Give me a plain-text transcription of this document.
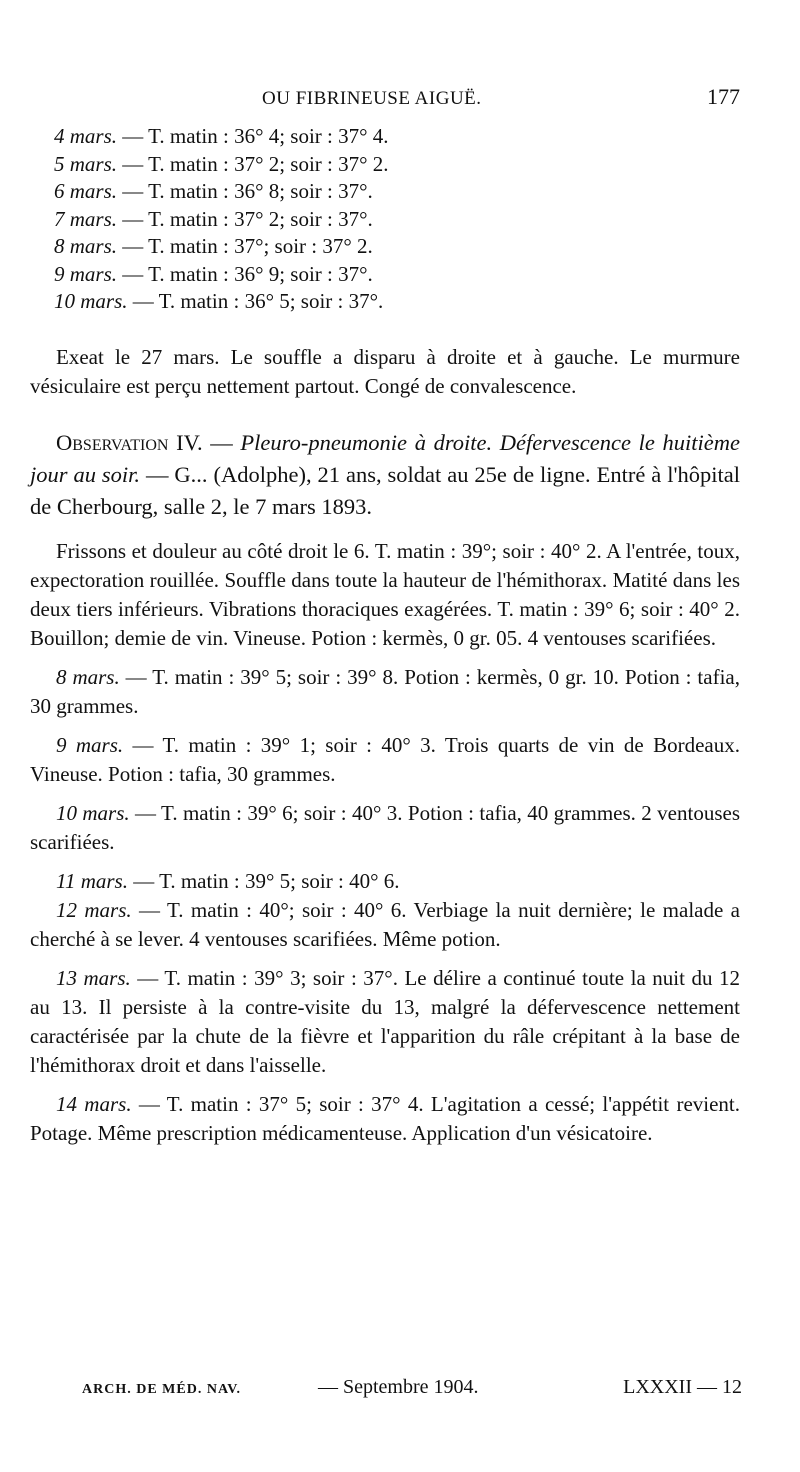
OU FIBRINEUSE AIGUË.	177
4 mars. — T. matin : 36° 4; soir : 37° 4.
5 mars. — T. matin : 37° 2; soir : 37° 2.
6 mars. — T. matin : 36° 8; soir : 37°.
7 mars. — T. matin : 37° 2; soir : 37°.
8 mars. — T. matin : 37°; soir : 37° 2.
9 mars. — T. matin : 36° 9; soir : 37°.
10 mars. — T. matin : 36° 5; soir : 37°.

Exeat le 27 mars. Le souffle a disparu à droite et à gauche. Le murmure vésiculaire est perçu nettement partout. Congé de convalescence.

Observation IV. — Pleuro-pneumonie à droite. Défervescence le huitième jour au soir. — G... (Adolphe), 21 ans, soldat au 25e de ligne. Entré à l'hôpital de Cherbourg, salle 2, le 7 mars 1893.

Frissons et douleur au côté droit le 6. T. matin : 39°; soir : 40° 2. A l'entrée, toux, expectoration rouillée. Souffle dans toute la hauteur de l'hémithorax. Matité dans les deux tiers inférieurs. Vibrations thoraciques exagérées. T. matin : 39° 6; soir : 40° 2. Bouillon; demie de vin. Vineuse. Potion : kermès, 0 gr. 05. 4 ventouses scarifiées.

8 mars. — T. matin : 39° 5; soir : 39° 8. Potion : kermès, 0 gr. 10. Potion : tafia, 30 grammes.

9 mars. — T. matin : 39° 1; soir : 40° 3. Trois quarts de vin de Bordeaux. Vineuse. Potion : tafia, 30 grammes.

10 mars. — T. matin : 39° 6; soir : 40° 3. Potion : tafia, 40 grammes. 2 ventouses scarifiées.

11 mars. — T. matin : 39° 5; soir : 40° 6.

12 mars. — T. matin : 40°; soir : 40° 6. Verbiage la nuit dernière; le malade a cherché à se lever. 4 ventouses scarifiées. Même potion.

13 mars. — T. matin : 39° 3; soir : 37°. Le délire a continué toute la nuit du 12 au 13. Il persiste à la contre-visite du 13, malgré la défervescence nettement caractérisée par la chute de la fièvre et l'apparition du râle crépitant à la base de l'hémithorax droit et dans l'aisselle.

14 mars. — T. matin : 37° 5; soir : 37° 4. L'agitation a cessé; l'appétit revient. Potage. Même prescription médicamenteuse. Application d'un vésicatoire.

ARCH. DE MÉD. NAV.	— Septembre 1904.	LXXXII — 12
